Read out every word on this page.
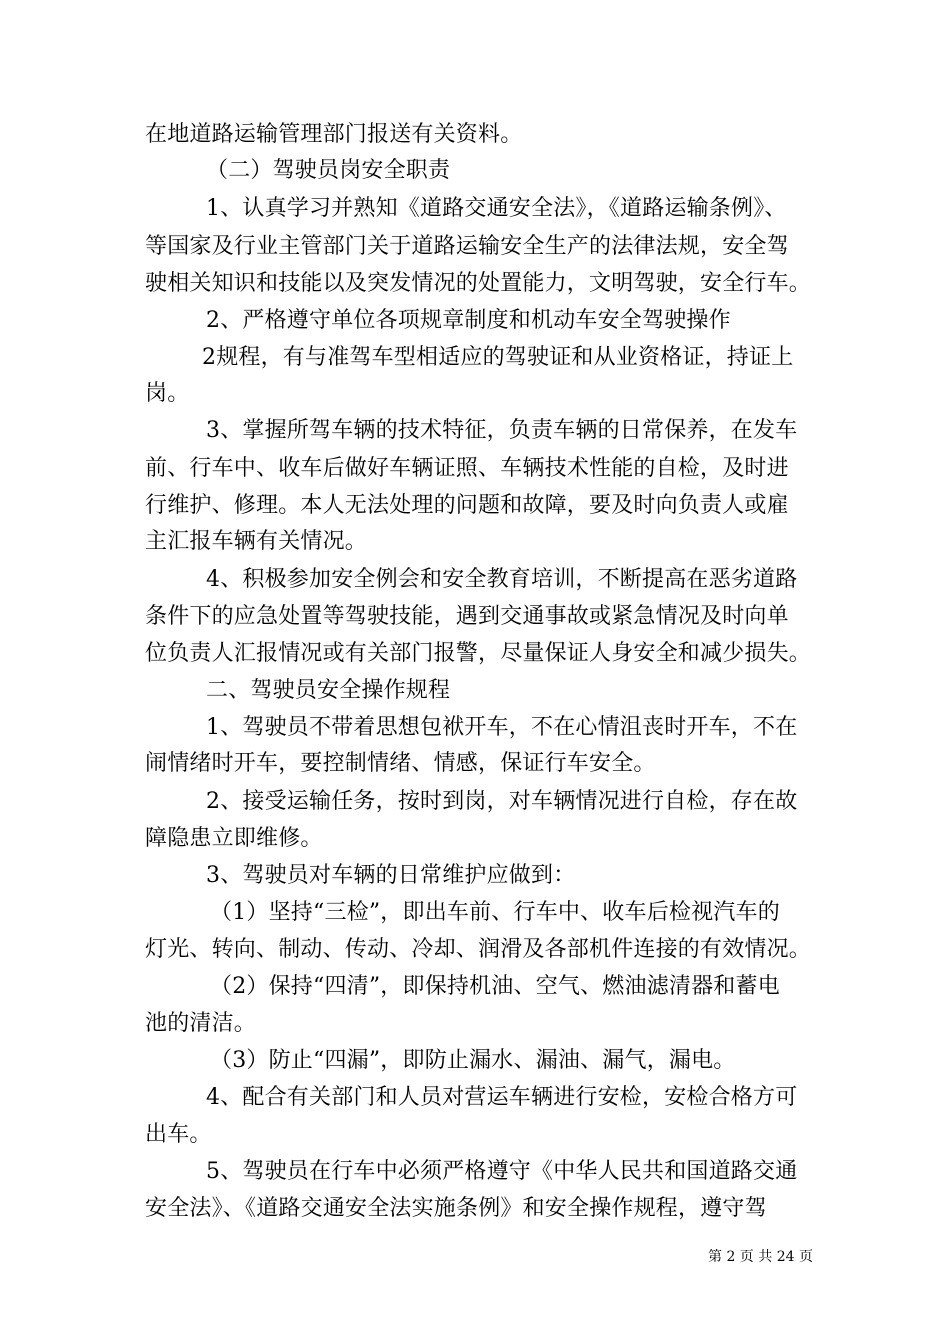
在地道路运输管理部门报送有关资料。
（二）驾驶员岗安全职责
1、认真学习并熟知《道路交通安全法》，《道路运输条例》、
等国家及行业主管部门关于道路运输安全生产的法律法规，安全驾
驶相关知识和技能以及突发情况的处置能力，文明驾驶，安全行车。
2、严格遵守单位各项规章制度和机动车安全驾驶操作
2规程，有与准驾车型相适应的驾驶证和从业资格证，持证上
岗。
3、掌握所驾车辆的技术特征，负责车辆的日常保养，在发车
前、行车中、收车后做好车辆证照、车辆技术性能的自检，及时进
行维护、修理。本人无法处理的问题和故障，要及时向负责人或雇
主汇报车辆有关情况。
4、积极参加安全例会和安全教育培训，不断提高在恶劣道路
条件下的应急处置等驾驶技能，遇到交通事故或紧急情况及时向单
位负责人汇报情况或有关部门报警，尽量保证人身安全和减少损失。
二、驾驶员安全操作规程
1、驾驶员不带着思想包袱开车，不在心情沮丧时开车，不在
闹情绪时开车，要控制情绪、情感，保证行车安全。
2、接受运输任务，按时到岗，对车辆情况进行自检，存在故
障隐患立即维修。
3、驾驶员对车辆的日常维护应做到：
（1）坚持“三检”，即出车前、行车中、收车后检视汽车的
灯光、转向、制动、传动、冷却、润滑及各部机件连接的有效情况。
（2）保持“四清”，即保持机油、空气、燃油滤清器和蓄电
池的清洁。
（3）防止“四漏”，即防止漏水、漏油、漏气，漏电。
4、配合有关部门和人员对营运车辆进行安检，安检合格方可
出车。
5、驾驶员在行车中必须严格遵守《中华人民共和国道路交通
安全法》、《道路交通安全法实施条例》和安全操作规程，遵守驾
第 2 页 共 24 页
